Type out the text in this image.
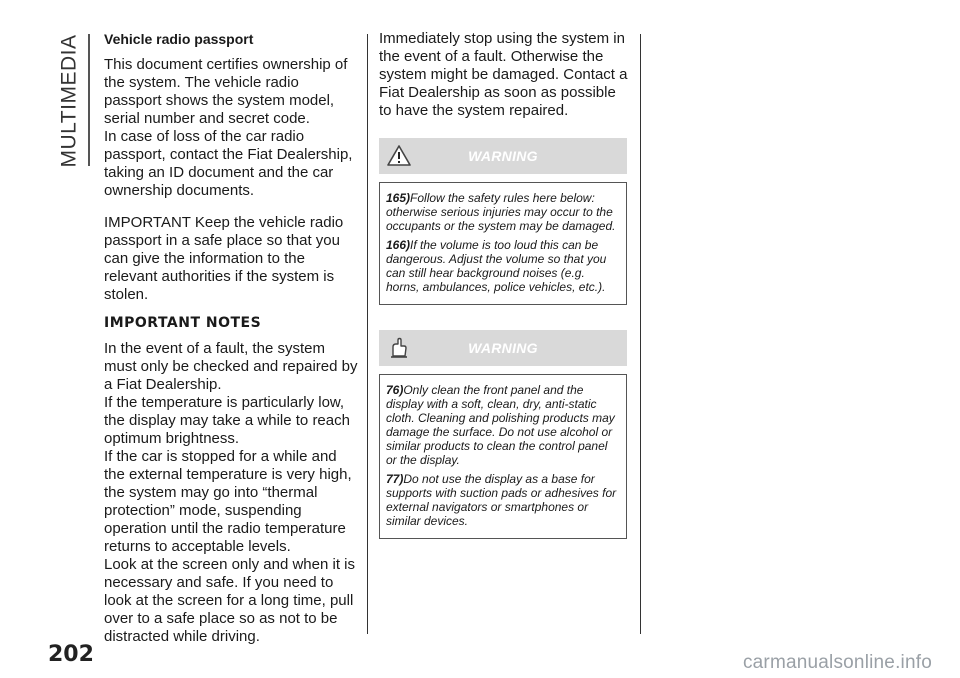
MULTIMEDIA Vehicle radio passport

This document certifies ownership of the system. The vehicle radio passport shows the system model, serial number and secret code.

In case of loss of the car radio passport, contact the Fiat Dealership, taking an ID document and the car ownership documents.

IMPORTANT Keep the vehicle radio passport in a safe place so that you can give the information to the relevant authorities if the system is stolen.

IMPORTANT NOTES

In the event of a fault, the system must only be checked and repaired by a Fiat Dealership.

If the temperature is particularly low, the display may take a while to reach optimum brightness.

If the car is stopped for a while and the external temperature is very high, the system may go into “thermal protection” mode, suspending operation until the radio temperature returns to acceptable levels.

Look at the screen only and when it is necessary and safe. If you need to look at the screen for a long time, pull over to a safe place so as not to be distracted while driving.

Immediately stop using the system in the event of a fault. Otherwise the system might be damaged. Contact a Fiat Dealership as soon as possible to have the system repaired.

WARNING

165)Follow the safety rules here below: otherwise serious injuries may occur to the occupants or the system may be damaged.

166)If the volume is too loud this can be dangerous. Adjust the volume so that you can still hear background noises (e.g. horns, ambulances, police vehicles, etc.).

WARNING

76)Only clean the front panel and the display with a soft, clean, dry, anti-static cloth. Cleaning and polishing products may damage the surface. Do not use alcohol or similar products to clean the control panel or the display.

77)Do not use the display as a base for supports with suction pads or adhesives for external navigators or smartphones or similar devices.

202	carmanualsonline.info
